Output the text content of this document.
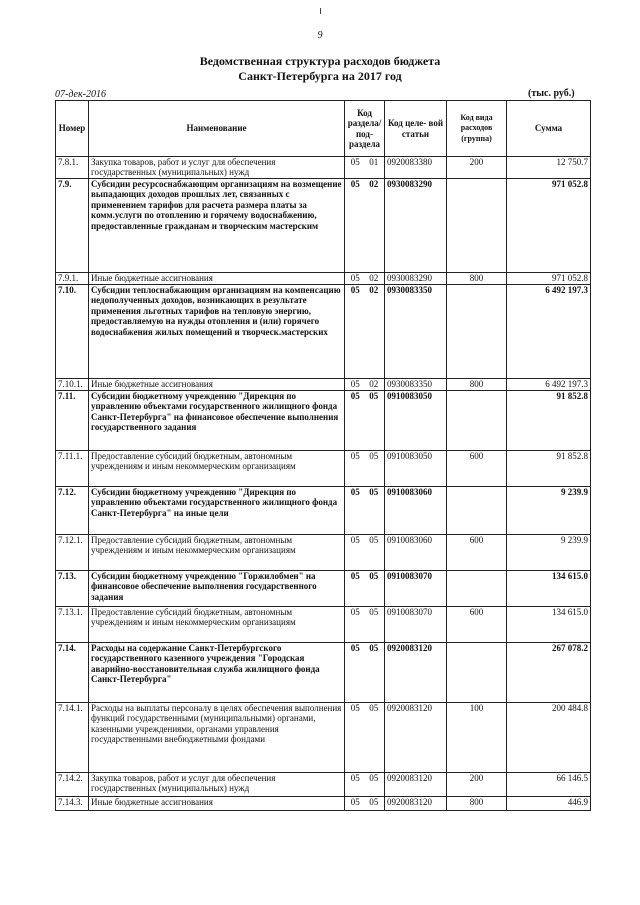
9
Ведомственная структура расходов бюджета
Санкт-Петербурга на 2017 год
07-дек-2016	(тыс. руб.)
Номер	Наименование	Код раздела/ под- раздела	Код целе- вой статьи	Код вида расходов (группа)	Сумма
7.8.1.	Закупка товаров, работ и услуг для обеспечения государственных (муниципальных) нужд	05 01	0920083380	200	12 750.7
7.9.	Субсидии ресурсоснабжающим организациям на возмещение выпадающих доходов прошлых лет, связанных с применением тарифов для расчета размера платы за комм.услуги по отоплению и горячему водоснабжению, предоставленные гражданам и творческим мастерским	05 02	0930083290		971 052.8
7.9.1.	Иные бюджетные ассигнования	05 02	0930083290	800	971 052.8
7.10.	Субсидии теплоснабжающим организациям на компенсацию недополученных доходов, возникающих в результате применения льготных тарифов на тепловую энергию, предоставляемую на нужды отопления и (или) горячего водоснабжения жилых помещений и творческ.мастерских	05 02	0930083350		6 492 197.3
7.10.1.	Иные бюджетные ассигнования	05 02	0930083350	800	6 492 197.3
7.11.	Субсидии бюджетному учреждению "Дирекция по управлению объектами государственного жилищного фонда Санкт-Петербурга" на финансовое обеспечение выполнения государственного задания	05 05	0910083050		91 852.8
7.11.1.	Предоставление субсидий бюджетным, автономным учреждениям и иным некоммерческим организациям	05 05	0910083050	600	91 852.8
7.12.	Субсидии бюджетному учреждению "Дирекция по управлению объектами государственного жилищного фонда Санкт-Петербурга" на иные цели	05 05	0910083060		9 239.9
7.12.1.	Предоставление субсидий бюджетным, автономным учреждениям и иным некоммерческим организациям	05 05	0910083060	600	9 239.9
7.13.	Субсидии бюджетному учреждению "Горжилобмен" на финансовое обеспечение выполнения государственного задания	05 05	0910083070		134 615.0
7.13.1.	Предоставление субсидий бюджетным, автономным учреждениям и иным некоммерческим организациям	05 05	0910083070	600	134 615.0
7.14.	Расходы на содержание Санкт-Петербургского государственного казенного учреждения "Городская аварийно-восстановительная служба жилищного фонда Санкт-Петербурга"	05 05	0920083120		267 078.2
7.14.1.	Расходы на выплаты персоналу в целях обеспечения выполнения функций государственными (муниципальными) органами, казенными учреждениями, органами управления государственными внебюджетными фондами	05 05	0920083120	100	200 484.8
7.14.2.	Закупка товаров, работ и услуг для обеспечения государственных (муниципальных) нужд	05 05	0920083120	200	66 146.5
7.14.3.	Иные бюджетные ассигнования	05 05	0920083120	800	446.9
